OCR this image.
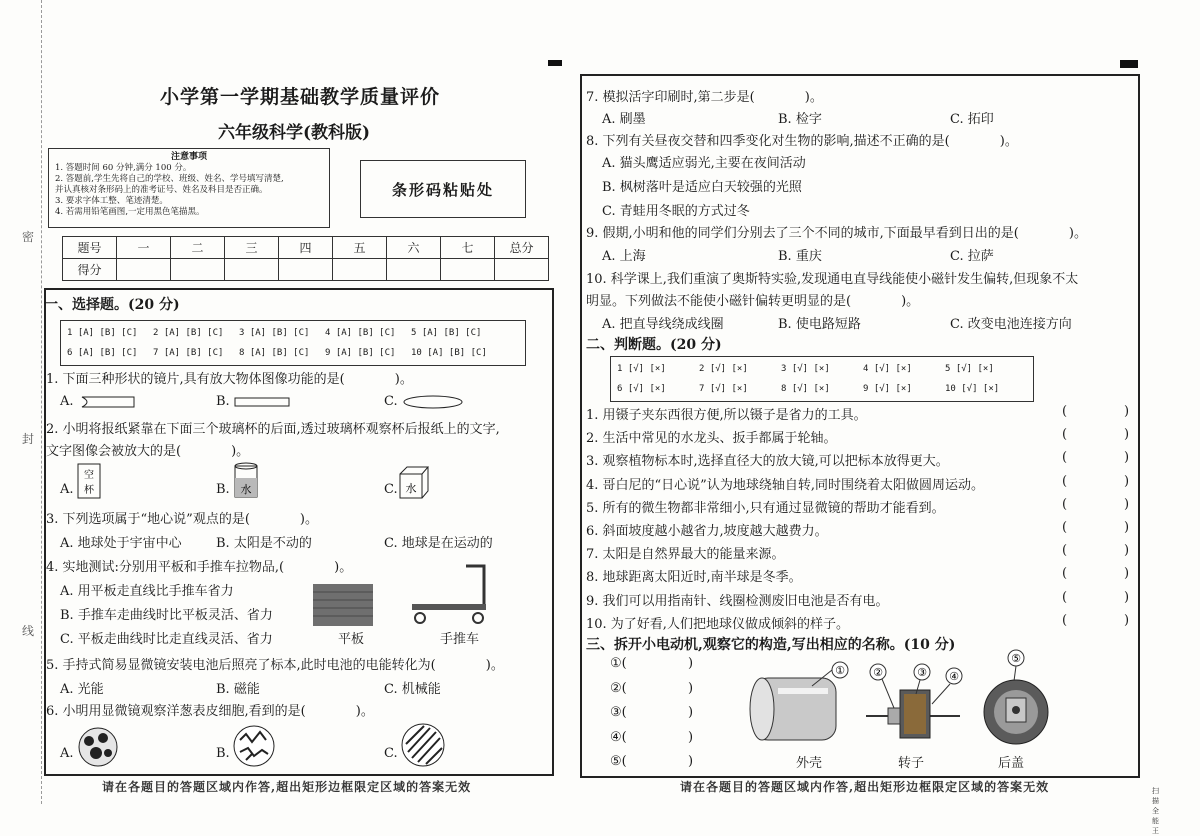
密
封
线
小学第一学期基础教学质量评价
六年级科学(教科版)
注意事项
1. 答题时间 60 分钟,满分 100 分。
2. 答题前,学生先将自己的学校、班级、姓名、学号填写清楚,
并认真核对条形码上的准考证号、姓名及科目是否正确。
3. 要求字体工整、笔迹清楚。
4. 若需用铅笔画图,一定用黑色笔描黑。
条形码粘贴处
题号	一	二	三	四	五	六	七	总分
得分								
一、选择题。(20 分)
1 [A] [B] [C] 2 [A] [B] [C] 3 [A] [B] [C] 4 [A] [B] [C] 5 [A] [B] [C]
6 [A] [B] [C] 7 [A] [B] [C] 8 [A] [B] [C] 9 [A] [B] [C] 10 [A] [B] [C]
1. 下面三种形状的镜片,具有放大物体图像功能的是(	)。
A.	B.	C.
2. 小明将报纸紧靠在下面三个玻璃杯的后面,透过玻璃杯观察杯后报纸上的文字,
文字图像会被放大的是(	)。
A.
空
杯	B. 水	C. 水
3. 下列选项属于“地心说”观点的是(	)。
A. 地球处于宇宙中心	B. 太阳是不动的	C. 地球是在运动的
4. 实地测试:分别用平板和手推车拉物品,(	)。
A. 用平板走直线比手推车省力
B. 手推车走曲线时比平板灵活、省力
C. 平板走曲线时比走直线灵活、省力	平板	手推车
5. 手持式简易显微镜安装电池后照亮了标本,此时电池的电能转化为(	)。
A. 光能	B. 磁能	C. 机械能
6. 小明用显微镜观察洋葱表皮细胞,看到的是(	)。
A.	B.	C.
请在各题目的答题区域内作答,超出矩形边框限定区域的答案无效
7. 模拟活字印刷时,第二步是(	)。
A. 刷墨	B. 检字	C. 拓印
8. 下列有关昼夜交替和四季变化对生物的影响,描述不正确的是(	)。
A. 猫头鹰适应弱光,主要在夜间活动
B. 枫树落叶是适应白天较强的光照
C. 青蛙用冬眠的方式过冬
9. 假期,小明和他的同学们分别去了三个不同的城市,下面最早看到日出的是(	)。
A. 上海	B. 重庆	C. 拉萨
10. 科学课上,我们重演了奥斯特实验,发现通电直导线能使小磁针发生偏转,但现象不太
明显。下列做法不能使小磁针偏转更明显的是(	)。
A. 把直导线绕成线圈	B. 使电路短路	C. 改变电池连接方向
二、判断题。(20 分)
1 [√] [×]	2 [√] [×]	3 [√] [×]	4 [√] [×]	5 [√] [×]
6 [√] [×]	7 [√] [×]	8 [√] [×]	9 [√] [×]	10 [√] [×]
1. 用镊子夹东西很方便,所以镊子是省力的工具。	(	)
2. 生活中常见的水龙头、扳手都属于轮轴。	(	)
3. 观察植物标本时,选择直径大的放大镜,可以把标本放得更大。	(	)
4. 哥白尼的“日心说”认为地球绕轴自转,同时围绕着太阳做圆周运动。	(	)
5. 所有的微生物都非常细小,只有通过显微镜的帮助才能看到。	(	)
6. 斜面坡度越小越省力,坡度越大越费力。	(	)
7. 太阳是自然界最大的能量来源。	(	)
8. 地球距离太阳近时,南半球是冬季。	(	)
9. 我们可以用指南针、线圈检测废旧电池是否有电。	(	)
10. 为了好看,人们把地球仪做成倾斜的样子。	(	)
三、拆开小电动机,观察它的构造,写出相应的名称。(10 分)
①(	)
②(	)
③(	)
④(	)
⑤(	)
①
外壳
②	③ ④
转子
⑤
后盖
请在各题目的答题区域内作答,超出矩形边框限定区域的答案无效	扫描全能王
